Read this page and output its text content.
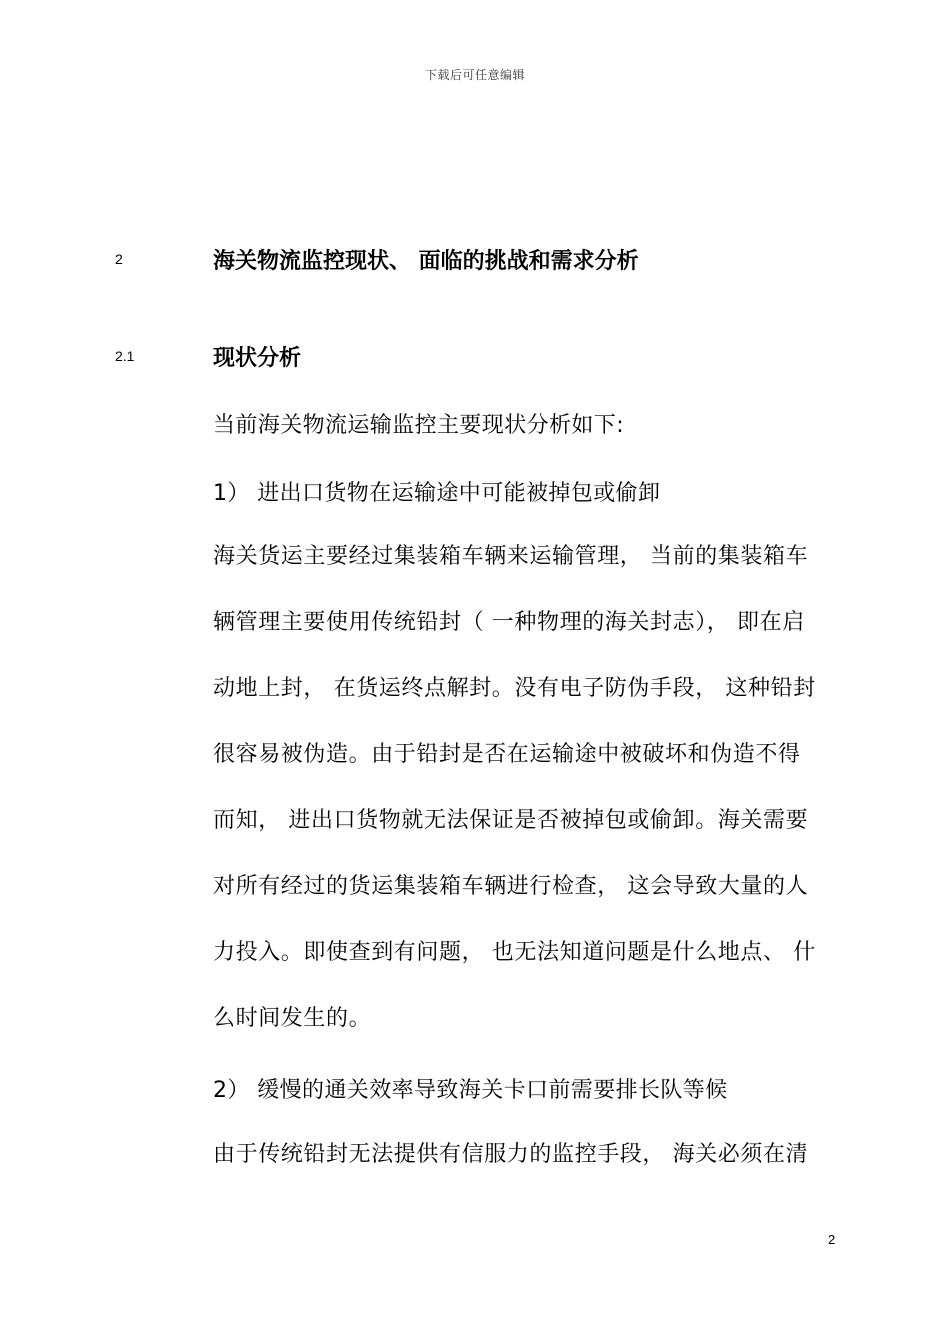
下载后可任意编辑
2	海关物流监控现状、 面临的挑战和需求分析
2.1	现状分析
当前海关物流运输监控主要现状分析如下:
1） 进出口货物在运输途中可能被掉包或偷卸
海关货运主要经过集装箱车辆来运输管理， 当前的集装箱车
辆管理主要使用传统铅封（ 一种物理的海关封志）， 即在启
动地上封， 在货运终点解封。没有电子防伪手段， 这种铅封
很容易被伪造。由于铅封是否在运输途中被破坏和伪造不得
而知， 进出口货物就无法保证是否被掉包或偷卸。海关需要
对所有经过的货运集装箱车辆进行检查， 这会导致大量的人
力投入。即使查到有问题， 也无法知道问题是什么地点、 什
么时间发生的。
2） 缓慢的通关效率导致海关卡口前需要排长队等候
由于传统铅封无法提供有信服力的监控手段， 海关必须在清
2
